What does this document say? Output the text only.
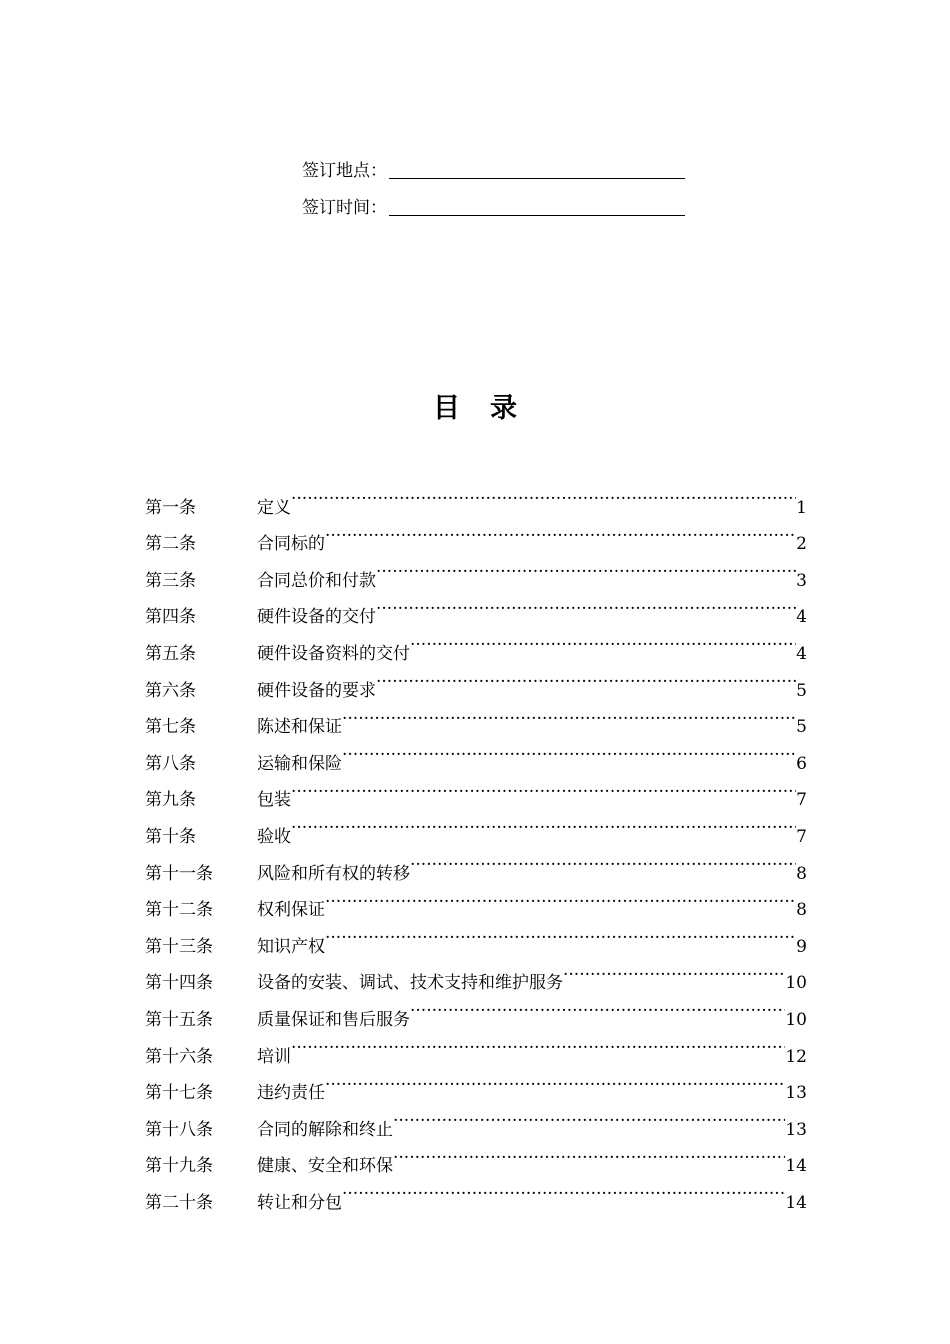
签订地点：
签订时间：
目录
第一条	定义 .....	1
第二条	合同标的 .....	2
第三条	合同总价和付款 .....	3
第四条	硬件设备的交付 .....	4
第五条	硬件设备资料的交付 .....	4
第六条	硬件设备的要求 .....	5
第七条	陈述和保证 .....	5
第八条	运输和保险 .....	6
第九条	包装 .....	7
第十条	验收 .....	7
第十一条	风险和所有权的转移 .....	8
第十二条	权利保证 .....	8
第十三条	知识产权 .....	9
第十四条	设备的安装、调试、技术支持和维护服务 .....	10
第十五条	质量保证和售后服务 .....	10
第十六条	培训 .....	12
第十七条	违约责任 .....	13
第十八条	合同的解除和终止 .....	13
第十九条	健康、安全和环保 .....	14
第二十条	转让和分包 .....	14
